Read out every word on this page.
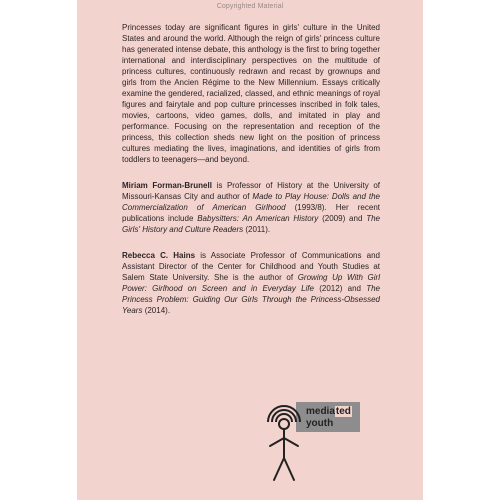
Copyrighted Material

Princesses today are significant figures in girls' culture in the United States and around the world. Although the reign of girls' princess culture has generated intense debate, this anthology is the first to bring together international and interdisciplinary perspectives on the multitude of princess cultures, continuously redrawn and recast by grownups and girls from the Ancien Régime to the New Millennium. Essays critically examine the gendered, racialized, classed, and ethnic meanings of royal figures and fairytale and pop culture princesses inscribed in folk tales, movies, cartoons, video games, dolls, and imitated in play and performance. Focusing on the representation and reception of the princess, this collection sheds new light on the position of princess cultures mediating the lives, imaginations, and identities of girls from toddlers to teenagers—and beyond.

Miriam Forman-Brunell is Professor of History at the University of Missouri-Kansas City and author of Made to Play House: Dolls and the Commercialization of American Girlhood (1993/8). Her recent publications include Babysitters: An American History (2009) and The Girls' History and Culture Readers (2011).

Rebecca C. Hains is Associate Professor of Communications and Assistant Director of the Center for Childhood and Youth Studies at Salem State University. She is the author of Growing Up With Girl Power: Girlhood on Screen and in Everyday Life (2012) and The Princess Problem: Guiding Our Girls Through the Princess-Obsessed Years (2014).

mediated
youth
